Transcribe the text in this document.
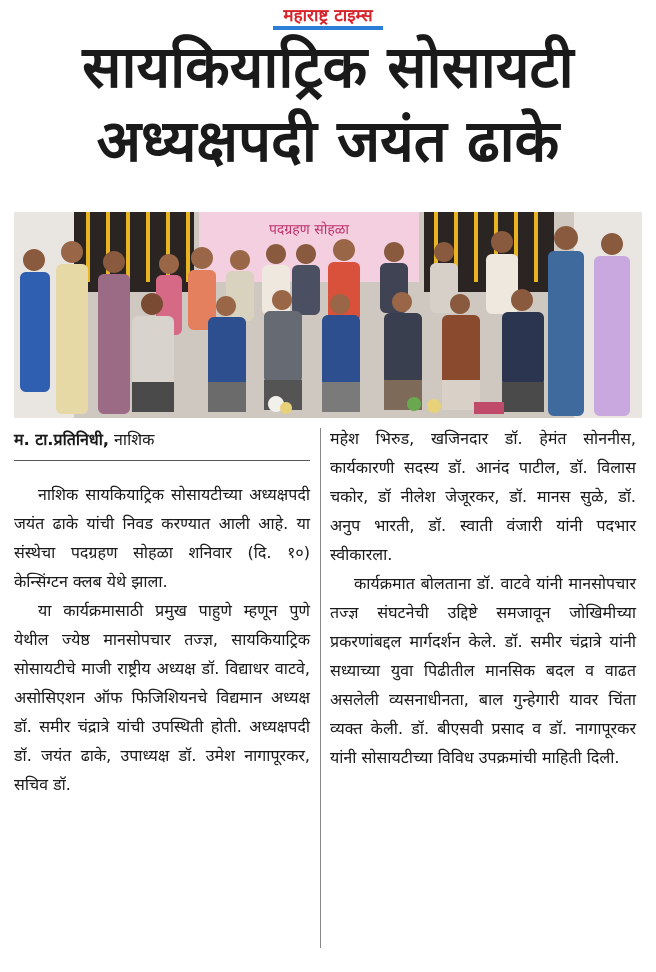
महाराष्ट्र टाइम्स
सायकियाट्रिक सोसायटी
अध्यक्षपदी जयंत ढाके
पदग्रहण सोहळा
म. टा.प्रतिनिधी, नाशिक

नाशिक सायकियाट्रिक सोसायटीच्या अध्यक्षपदी जयंत ढाके यांची निवड करण्यात आली आहे. या संस्थेचा पदग्रहण सोहळा शनिवार (दि. १०) केन्सिंग्टन क्लब येथे झाला.

या कार्यक्रमासाठी प्रमुख पाहुणे म्हणून पुणे येथील ज्येष्ठ मानसोपचार तज्ज्ञ, सायकियाट्रिक सोसायटीचे माजी राष्ट्रीय अध्यक्ष डॉ. विद्याधर वाटवे, असोसिएशन ऑफ फिजिशियनचे विद्यमान अध्यक्ष डॉ. समीर चंद्रात्रे यांची उपस्थिती होती. अध्यक्षपदी डॉ. जयंत ढाके, उपाध्यक्ष डॉ. उमेश नागापूरकर, सचिव डॉ.

महेश भिरुड, खजिनदार डॉ. हेमंत सोननीस, कार्यकारणी सदस्य डॉ. आनंद पाटील, डॉ. विलास चकोर, डॉ नीलेश जेजूरकर, डॉ. मानस सुळे, डॉ. अनुप भारती, डॉ. स्वाती वंजारी यांनी पदभार स्वीकारला.

कार्यक्रमात बोलताना डॉ. वाटवे यांनी मानसोपचार तज्ज्ञ संघटनेची उद्दिष्टे समजावून जोखिमीच्या प्रकरणांबद्दल मार्गदर्शन केले. डॉ. समीर चंद्रात्रे यांनी सध्याच्या युवा पिढीतील मानसिक बदल व वाढत असलेली व्यसनाधीनता, बाल गुन्हेगारी यावर चिंता व्यक्त केली. डॉ. बीएसवी प्रसाद व डॉ. नागापूरकर यांनी सोसायटीच्या विविध उपक्रमांची माहिती दिली.
